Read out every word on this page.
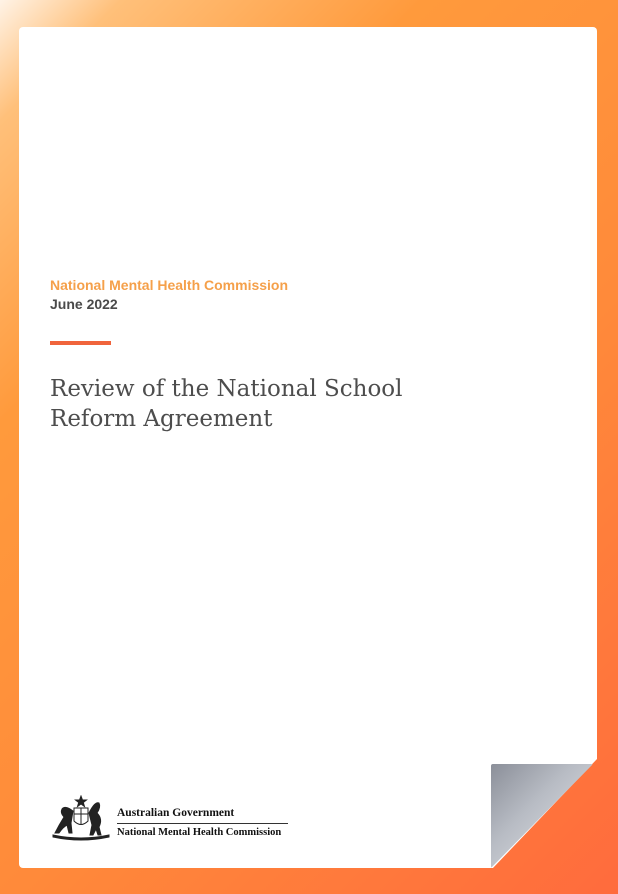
National Mental Health Commission

June 2022

Review of the National School Reform Agreement

Australian Government

National Mental Health Commission
